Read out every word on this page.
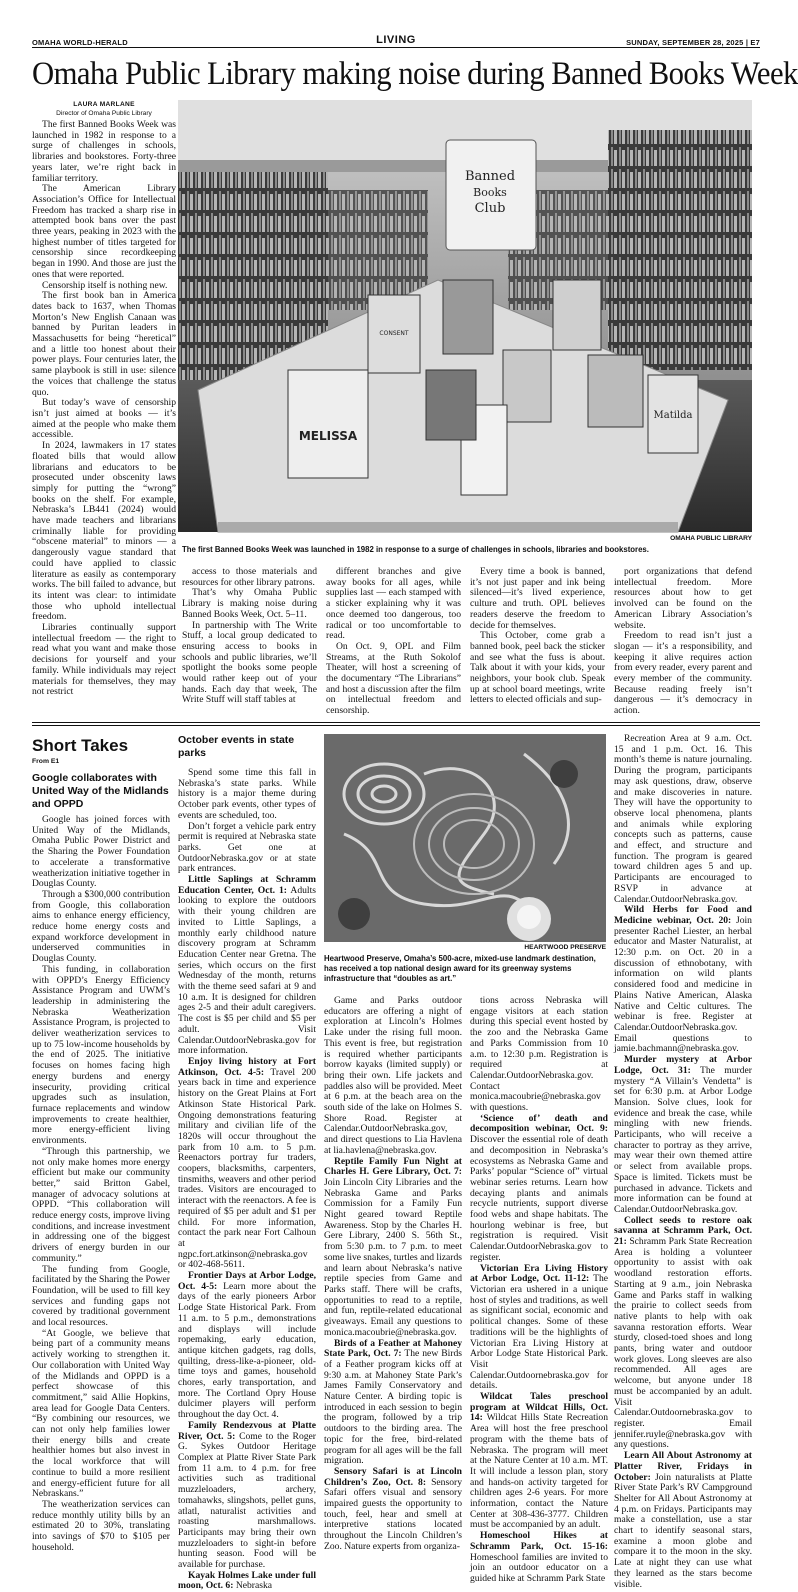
OMAHA WORLD-HERALD	LIVING	SUNDAY, SEPTEMBER 28, 2025 | E7
Omaha Public Library making noise during Banned Books Week
LAURA MARLANE
Director of Omaha Public Library

The first Banned Books Week was launched in 1982 in response to a surge of challenges in schools, libraries and bookstores. Forty-three years later, we’re right back in familiar territory.

The American Library Association’s Office for Intellectual Freedom has tracked a sharp rise in attempted book bans over the past three years, peaking in 2023 with the highest number of titles targeted for censorship since recordkeeping began in 1990. And those are just the ones that were reported.

Censorship itself is nothing new.

The first book ban in America dates back to 1637, when Thomas Morton’s New English Canaan was banned by Puritan leaders in Massachusetts for being “heretical” and a little too honest about their power plays. Four centuries later, the same playbook is still in use: silence the voices that challenge the status quo.

But today’s wave of censorship isn’t just aimed at books — it’s aimed at the people who make them accessible.

In 2024, lawmakers in 17 states floated bills that would allow librarians and educators to be prosecuted under obscenity laws simply for putting the “wrong” books on the shelf. For example, Nebraska’s LB441 (2024) would have made teachers and librarians criminally liable for providing “obscene material” to minors — a dangerously vague standard that could have applied to classic literature as easily as contemporary works. The bill failed to advance, but its intent was clear: to intimidate those who uphold intellectual freedom.

Libraries continually support intellectual freedom — the right to read what you want and make those decisions for yourself and your family. While individuals may reject materials for themselves, they may not restrict

Banned
Books
Club
MELISSA
CONSENT
Matilda
OMAHA PUBLIC LIBRARY
The first Banned Books Week was launched in 1982 in response to a surge of challenges in schools, libraries and bookstores.

access to those materials and resources for other library patrons.

That’s why Omaha Public Library is making noise during Banned Books Week, Oct. 5–11.

In partnership with The Write Stuff, a local group dedicated to ensuring access to books in schools and public libraries, we’ll spotlight the books some people would rather keep out of your hands. Each day that week, The Write Stuff will staff tables at

different branches and give away books for all ages, while supplies last — each stamped with a sticker explaining why it was once deemed too dangerous, too radical or too uncomfortable to read.

On Oct. 9, OPL and Film Streams, at the Ruth Sokolof Theater, will host a screening of the documentary “The Librarians” and host a discussion after the film on intellectual freedom and censorship.

Every time a book is banned, it’s not just paper and ink being silenced—it’s lived experience, culture and truth. OPL believes readers deserve the freedom to decide for themselves.

This October, come grab a banned book, peel back the sticker and see what the fuss is about. Talk about it with your kids, your neighbors, your book club. Speak up at school board meetings, write letters to elected officials and sup-

port organizations that defend intellectual freedom. More resources about how to get involved can be found on the American Library Association’s website.

Freedom to read isn’t just a slogan — it’s a responsibility, and keeping it alive requires action from every reader, every parent and every member of the community. Because reading freely isn’t dangerous — it’s democracy in action.

Short Takes
From E1
Google collaborates with United Way of the Midlands and OPPD

Google has joined forces with United Way of the Midlands, Omaha Public Power District and the Sharing the Power Foundation to accelerate a transformative weatherization initiative together in Douglas County.

Through a $300,000 contribution from Google, this collaboration aims to enhance energy efficiency, reduce home energy costs and expand workforce development in underserved communities in Douglas County.

This funding, in collaboration with OPPD’s Energy Efficiency Assistance Program and UWM’s leadership in administering the Nebraska Weatherization Assistance Program, is projected to deliver weatherization services to up to 75 low-income households by the end of 2025. The initiative focuses on homes facing high energy burdens and energy insecurity, providing critical upgrades such as insulation, furnace replacements and window improvements to create healthier, more energy-efficient living environments.

“Through this partnership, we not only make homes more energy efficient but make our community better,” said Britton Gabel, manager of advocacy solutions at OPPD. “This collaboration will reduce energy costs, improve living conditions, and increase investment in addressing one of the biggest drivers of energy burden in our community.”

The funding from Google, facilitated by the Sharing the Power Foundation, will be used to fill key services and funding gaps not covered by traditional government and local resources.

“At Google, we believe that being part of a community means actively working to strengthen it. Our collaboration with United Way of the Midlands and OPPD is a perfect showcase of this commitment,” said Allie Hopkins, area lead for Google Data Centers. “By combining our resources, we can not only help families lower their energy bills and create healthier homes but also invest in the local workforce that will continue to build a more resilient and energy-efficient future for all Nebraskans.”

The weatherization services can reduce monthly utility bills by an estimated 20 to 30%, translating into savings of $70 to $105 per household.

October events in state parks

Spend some time this fall in Nebraska’s state parks. While history is a major theme during October park events, other types of events are scheduled, too.

Don’t forget a vehicle park entry permit is required at Nebraska state parks. Get one at OutdoorNebraska.gov or at state park entrances.

Little Saplings at Schramm Education Center, Oct. 1: Adults looking to explore the outdoors with their young children are invited to Little Saplings, a monthly early childhood nature discovery program at Schramm Education Center near Gretna. The series, which occurs on the first Wednesday of the month, returns with the theme seed safari at 9 and 10 a.m. It is designed for children ages 2-5 and their adult caregivers. The cost is $5 per child and $5 per adult. Visit Calendar.OutdoorNebraska.gov for more information.

Enjoy living history at Fort Atkinson, Oct. 4-5: Travel 200 years back in time and experience history on the Great Plains at Fort Atkinson State Historical Park. Ongoing demonstrations featuring military and civilian life of the 1820s will occur throughout the park from 10 a.m. to 5 p.m. Reenactors portray fur traders, coopers, blacksmiths, carpenters, tinsmiths, weavers and other period trades. Visitors are encouraged to interact with the reenactors. A fee is required of $5 per adult and $1 per child. For more information, contact the park near Fort Calhoun at ngpc.fort.atkinson@nebraska.gov or 402-468-5611.

Frontier Days at Arbor Lodge, Oct. 4-5: Learn more about the days of the early pioneers Arbor Lodge State Historical Park. From 11 a.m. to 5 p.m., demonstrations and displays will include ropemaking, early education, antique kitchen gadgets, rag dolls, quilting, dress-like-a-pioneer, old-time toys and games, household chores, early transportation, and more. The Cortland Opry House dulcimer players will perform throughout the day Oct. 4.

Family Rendezvous at Platte River, Oct. 5: Come to the Roger G. Sykes Outdoor Heritage Complex at Platte River State Park from 11 a.m. to 4 p.m. for free activities such as traditional muzzleloaders, archery, tomahawks, slingshots, pellet guns, atlatl, naturalist activities and roasting marshmallows. Participants may bring their own muzzleloaders to sight-in before hunting season. Food will be available for purchase.

Kayak Holmes Lake under full moon, Oct. 6: Nebraska

HEARTWOOD PRESERVE
Heartwood Preserve, Omaha’s 500-acre, mixed-use landmark destination, has received a top national design award for its greenway systems infrastructure that “doubles as art.”

Game and Parks outdoor educators are offering a night of exploration at Lincoln’s Holmes Lake under the rising full moon. This event is free, but registration is required whether participants borrow kayaks (limited supply) or bring their own. Life jackets and paddles also will be provided. Meet at 6 p.m. at the beach area on the south side of the lake on Holmes S. Shore Road. Register at Calendar.OutdoorNebraska.gov, and direct questions to Lia Havlena at lia.havlena@nebraska.gov.

Reptile Family Fun Night at Charles H. Gere Library, Oct. 7: Join Lincoln City Libraries and the Nebraska Game and Parks Commission for a Family Fun Night geared toward Reptile Awareness. Stop by the Charles H. Gere Library, 2400 S. 56th St., from 5:30 p.m. to 7 p.m. to meet some live snakes, turtles and lizards and learn about Nebraska’s native reptile species from Game and Parks staff. There will be crafts, opportunities to read to a reptile, and fun, reptile-related educational giveaways. Email any questions to monica.macoubrie@nebraska.gov.

Birds of a Feather at Mahoney State Park, Oct. 7: The new Birds of a Feather program kicks off at 9:30 a.m. at Mahoney State Park’s James Family Conservatory and Nature Center. A birding topic is introduced in each session to begin the program, followed by a trip outdoors to the birding area. The topic for the free, bird-related program for all ages will be the fall migration.

Sensory Safari is at Lincoln Children’s Zoo, Oct. 8: Sensory Safari offers visual and sensory impaired guests the opportunity to touch, feel, hear and smell at interpretive stations located throughout the Lincoln Children’s Zoo. Nature experts from organiza-

tions across Nebraska will engage visitors at each station during this special event hosted by the zoo and the Nebraska Game and Parks Commission from 10 a.m. to 12:30 p.m. Registration is required at Calendar.OutdoorNebraska.gov. Contact monica.macoubrie@nebraska.gov with questions.

‘Science of’ death and decomposition webinar, Oct. 9: Discover the essential role of death and decomposition in Nebraska’s ecosystems as Nebraska Game and Parks’ popular “Science of” virtual webinar series returns. Learn how decaying plants and animals recycle nutrients, support diverse food webs and shape habitats. The hourlong webinar is free, but registration is required. Visit Calendar.OutdoorNebraska.gov to register.

Victorian Era Living History at Arbor Lodge, Oct. 11-12: The Victorian era ushered in a unique host of styles and traditions, as well as significant social, economic and political changes. Some of these traditions will be the highlights of Victorian Era Living History at Arbor Lodge State Historical Park. Visit Calendar.Outdoornebraska.gov for details.

Wildcat Tales preschool program at Wildcat Hills, Oct. 14: Wildcat Hills State Recreation Area will host the free preschool program with the theme bats of Nebraska. The program will meet at the Nature Center at 10 a.m. MT. It will include a lesson plan, story and hands-on activity targeted for children ages 2-6 years. For more information, contact the Nature Center at 308-436-3777. Children must be accompanied by an adult.

Homeschool Hikes at Schramm Park, Oct. 15-16: Homeschool families are invited to join an outdoor educator on a guided hike at Schramm Park State

Recreation Area at 9 a.m. Oct. 15 and 1 p.m. Oct. 16. This month’s theme is nature journaling. During the program, participants may ask questions, draw, observe and make discoveries in nature. They will have the opportunity to observe local phenomena, plants and animals while exploring concepts such as patterns, cause and effect, and structure and function. The program is geared toward children ages 5 and up. Participants are encouraged to RSVP in advance at Calendar.OutdoorNebraska.gov.

Wild Herbs for Food and Medicine webinar, Oct. 20: Join presenter Rachel Liester, an herbal educator and Master Naturalist, at 12:30 p.m. on Oct. 20 in a discussion of ethnobotany, with information on wild plants considered food and medicine in Plains Native American, Alaska Native and Celtic cultures. The webinar is free. Register at Calendar.OutdoorNebraska.gov. Email questions to jamie.bachmann@nebraska.gov.

Murder mystery at Arbor Lodge, Oct. 31: The murder mystery “A Villain’s Vendetta” is set for 6:30 p.m. at Arbor Lodge Mansion. Solve clues, look for evidence and break the case, while mingling with new friends. Participants, who will receive a character to portray as they arrive, may wear their own themed attire or select from available props. Space is limited. Tickets must be purchased in advance. Tickets and more information can be found at Calendar.OutdoorNebraska.gov.

Collect seeds to restore oak savanna at Schramm Park, Oct. 21: Schramm Park State Recreation Area is holding a volunteer opportunity to assist with oak woodland restoration efforts. Starting at 9 a.m., join Nebraska Game and Parks staff in walking the prairie to collect seeds from native plants to help with oak savanna restoration efforts. Wear sturdy, closed-toed shoes and long pants, bring water and outdoor work gloves. Long sleeves are also recommended. All ages are welcome, but anyone under 18 must be accompanied by an adult. Visit Calendar.Outdoornebraska.gov to register. Email jennifer.ruyle@nebraska.gov with any questions.

Learn All About Astronomy at Platter River, Fridays in October: Join naturalists at Platte River State Park’s RV Campground Shelter for All About Astronomy at 4 p.m. on Fridays. Participants may make a constellation, use a star chart to identify seasonal stars, examine a moon globe and compare it to the moon in the sky. Late at night they can use what they learned as the stars become visible.
